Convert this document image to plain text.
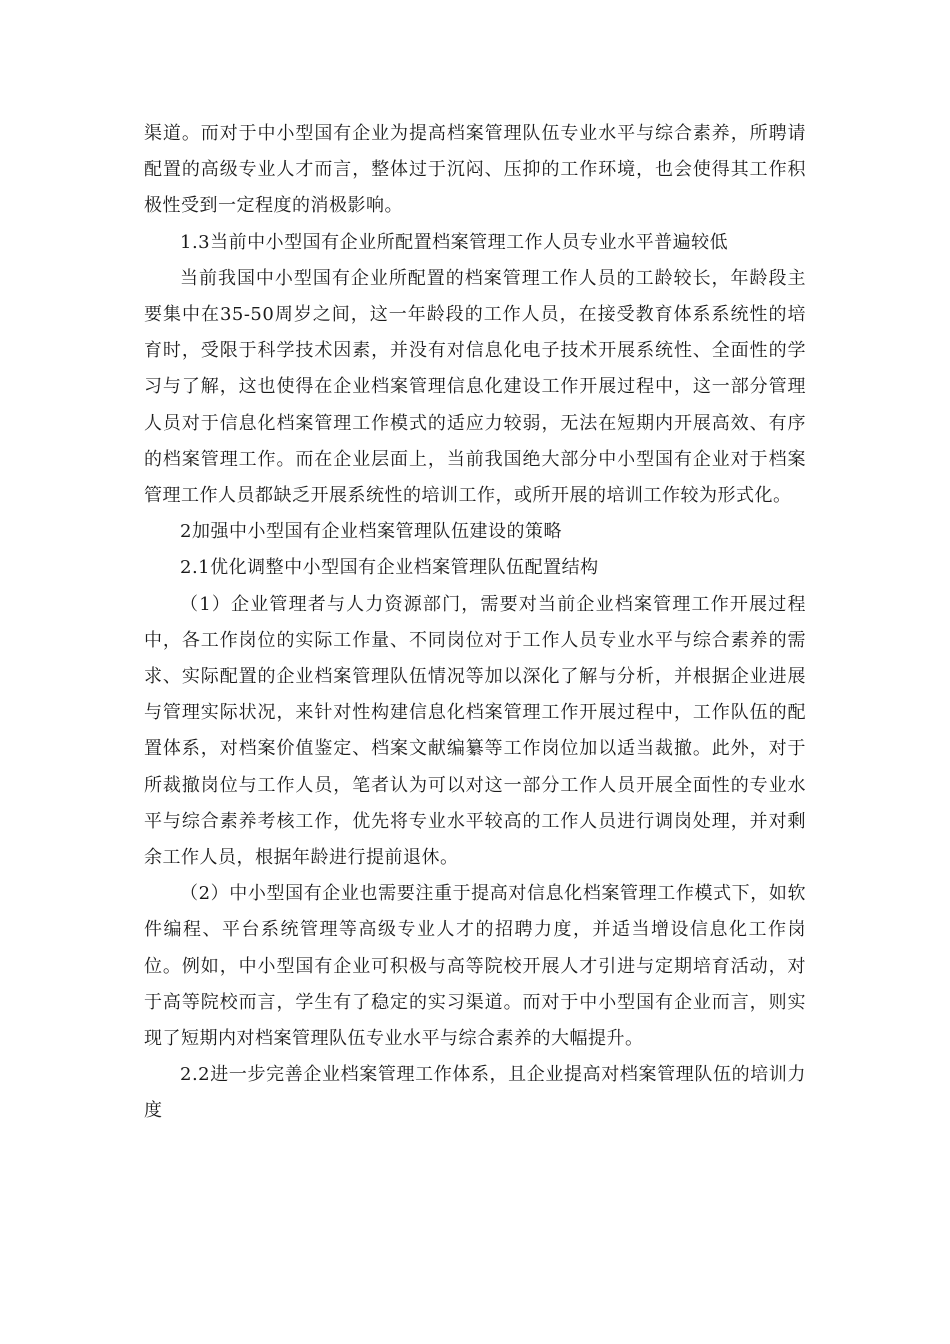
渠道。而对于中小型国有企业为提高档案管理队伍专业水平与综合素养，所聘请配置的高级专业人才而言，整体过于沉闷、压抑的工作环境，也会使得其工作积极性受到一定程度的消极影响。

1.3当前中小型国有企业所配置档案管理工作人员专业水平普遍较低

当前我国中小型国有企业所配置的档案管理工作人员的工龄较长，年龄段主要集中在35-50周岁之间，这一年龄段的工作人员，在接受教育体系系统性的培育时，受限于科学技术因素，并没有对信息化电子技术开展系统性、全面性的学习与了解，这也使得在企业档案管理信息化建设工作开展过程中，这一部分管理人员对于信息化档案管理工作模式的适应力较弱，无法在短期内开展高效、有序的档案管理工作。而在企业层面上，当前我国绝大部分中小型国有企业对于档案管理工作人员都缺乏开展系统性的培训工作，或所开展的培训工作较为形式化。

2加强中小型国有企业档案管理队伍建设的策略

2.1优化调整中小型国有企业档案管理队伍配置结构

（1）企业管理者与人力资源部门，需要对当前企业档案管理工作开展过程中，各工作岗位的实际工作量、不同岗位对于工作人员专业水平与综合素养的需求、实际配置的企业档案管理队伍情况等加以深化了解与分析，并根据企业进展与管理实际状况，来针对性构建信息化档案管理工作开展过程中，工作队伍的配置体系，对档案价值鉴定、档案文献编纂等工作岗位加以适当裁撤。此外，对于所裁撤岗位与工作人员，笔者认为可以对这一部分工作人员开展全面性的专业水平与综合素养考核工作，优先将专业水平较高的工作人员进行调岗处理，并对剩余工作人员，根据年龄进行提前退休。

（2）中小型国有企业也需要注重于提高对信息化档案管理工作模式下，如软件编程、平台系统管理等高级专业人才的招聘力度，并适当增设信息化工作岗位。例如，中小型国有企业可积极与高等院校开展人才引进与定期培育活动，对于高等院校而言，学生有了稳定的实习渠道。而对于中小型国有企业而言，则实现了短期内对档案管理队伍专业水平与综合素养的大幅提升。

2.2进一步完善企业档案管理工作体系，且企业提高对档案管理队伍的培训力度
